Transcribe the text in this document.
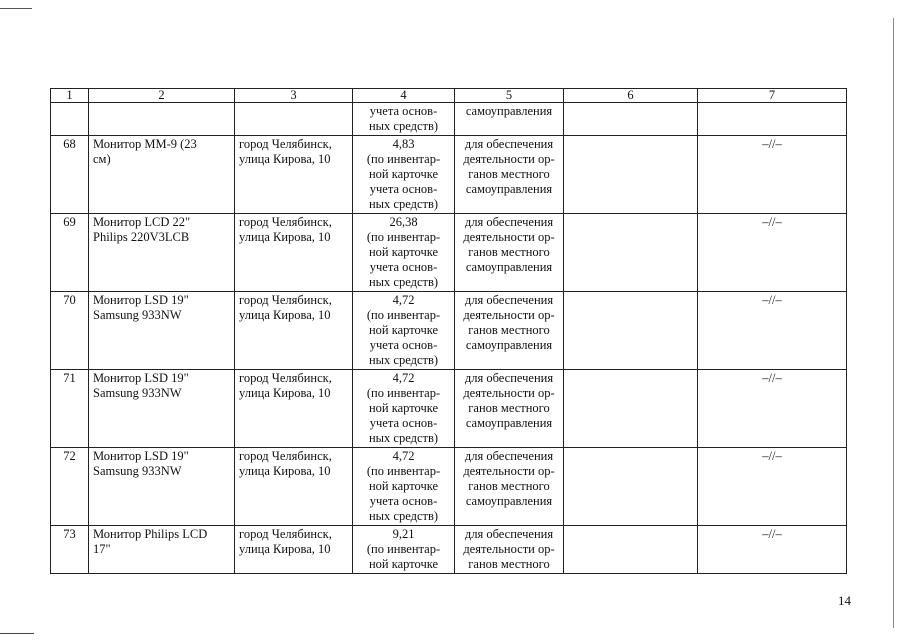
1	2	3	4	5	6	7
			учета основ-
ных средств)	самоуправления		
68	Монитор ММ-9 (23
см)	город Челябинск,
улица Кирова, 10	4,83
(по инвентар-
ной карточке
учета основ-
ных средств)	для обеспечения
деятельности ор-
ганов местного
самоуправления		–//–
69	Монитор LCD 22"
Philips 220V3LCB	город Челябинск,
улица Кирова, 10	26,38
(по инвентар-
ной карточке
учета основ-
ных средств)	для обеспечения
деятельности ор-
ганов местного
самоуправления		–//–
70	Монитор LSD 19"
Samsung 933NW	город Челябинск,
улица Кирова, 10	4,72
(по инвентар-
ной карточке
учета основ-
ных средств)	для обеспечения
деятельности ор-
ганов местного
самоуправления		–//–
71	Монитор LSD 19"
Samsung 933NW	город Челябинск,
улица Кирова, 10	4,72
(по инвентар-
ной карточке
учета основ-
ных средств)	для обеспечения
деятельности ор-
ганов местного
самоуправления		–//–
72	Монитор LSD 19"
Samsung 933NW	город Челябинск,
улица Кирова, 10	4,72
(по инвентар-
ной карточке
учета основ-
ных средств)	для обеспечения
деятельности ор-
ганов местного
самоуправления		–//–
73	Монитор Philips LCD
17"	город Челябинск,
улица Кирова, 10	9,21
(по инвентар-
ной карточке	для обеспечения
деятельности ор-
ганов местного		–//–
14
